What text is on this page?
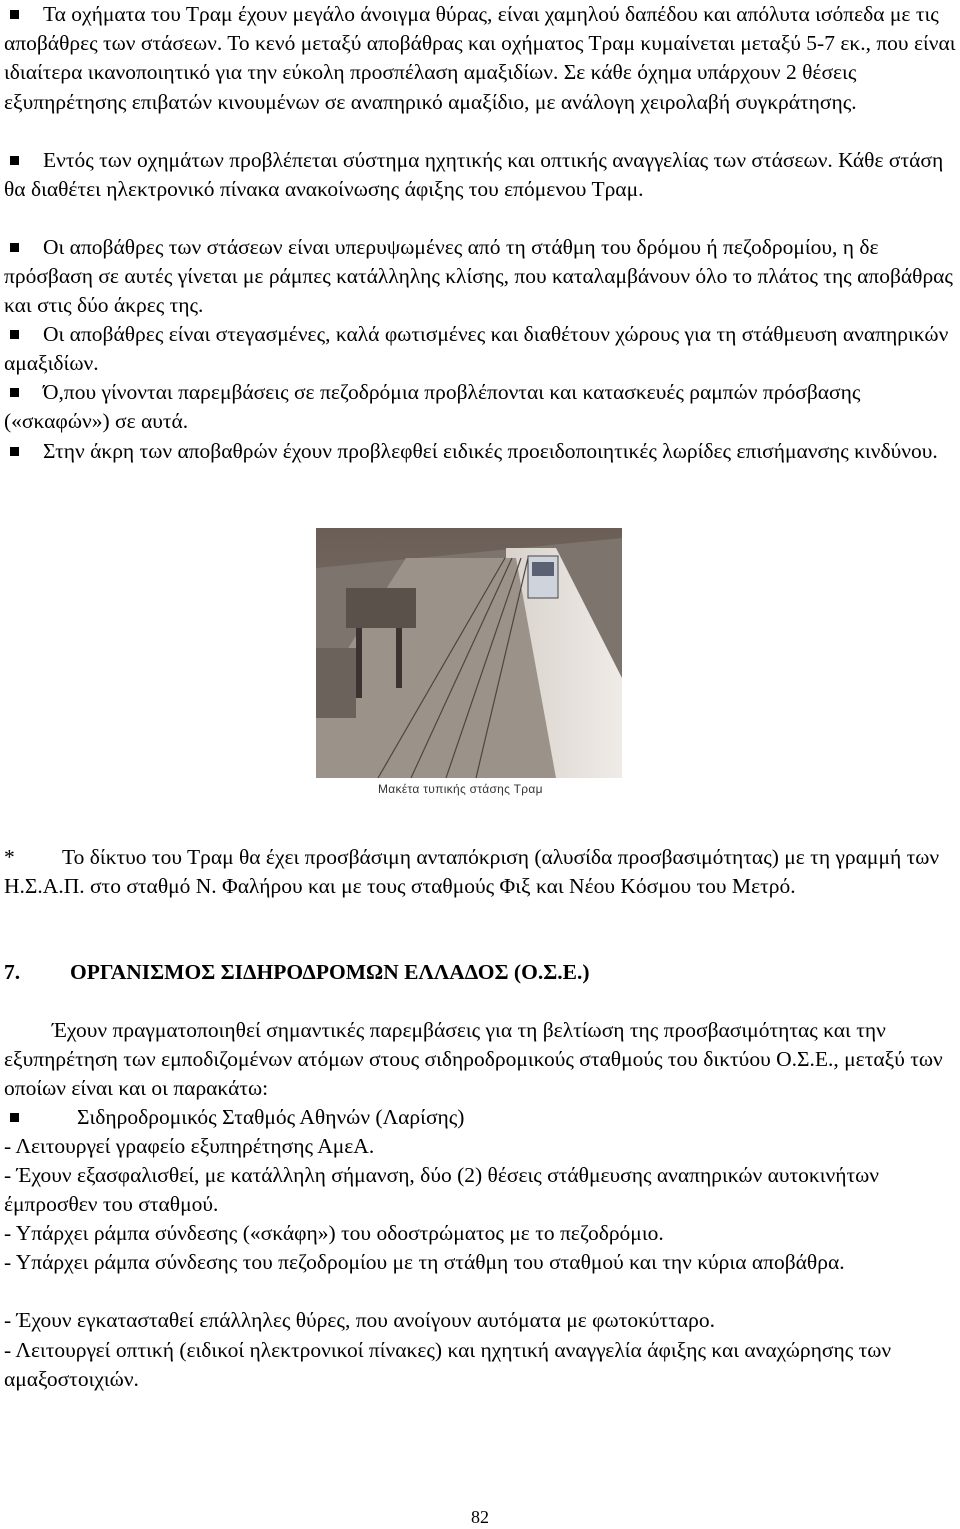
Τα οχήματα του Τραμ έχουν μεγάλο άνοιγμα θύρας, είναι χαμηλού δαπέδου και απόλυτα ισόπεδα με τις αποβάθρες των στάσεων. Το κενό μεταξύ αποβάθρας και οχήματος Τραμ κυμαίνεται μεταξύ 5-7 εκ., που είναι ιδιαίτερα ικανοποιητικό για την εύκολη προσπέλαση αμαξιδίων. Σε κάθε όχημα υπάρχουν 2 θέσεις εξυπηρέτησης επιβατών κινουμένων σε αναπηρικό αμαξίδιο, με ανάλογη χειρολαβή συγκράτησης.

Εντός των οχημάτων προβλέπεται σύστημα ηχητικής και οπτικής αναγγελίας των στάσεων. Κάθε στάση θα διαθέτει ηλεκτρονικό πίνακα ανακοίνωσης άφιξης του επόμενου Τραμ.

Οι αποβάθρες των στάσεων είναι υπερυψωμένες από τη στάθμη του δρόμου ή πεζοδρομίου, η δε πρόσβαση σε αυτές γίνεται με ράμπες κατάλληλης κλίσης, που καταλαμβάνουν όλο το πλάτος της αποβάθρας και στις δύο άκρες της.

Οι αποβάθρες είναι στεγασμένες, καλά φωτισμένες και διαθέτουν χώρους για τη στάθμευση αναπηρικών αμαξιδίων.

Ό,που γίνονται παρεμβάσεις σε πεζοδρόμια προβλέπονται και κατασκευές ραμπών πρόσβασης («σκαφών») σε αυτά.

Στην άκρη των αποβαθρών έχουν προβλεφθεί ειδικές προειδοποιητικές λωρίδες επισήμανσης κινδύνου.

Μακέτα τυπικής στάσης Τραμ

* Το δίκτυο του Τραμ θα έχει προσβάσιμη ανταπόκριση (αλυσίδα προσβασιμότητας) με τη γραμμή των Η.Σ.Α.Π. στο σταθμό Ν. Φαλήρου και με τους σταθμούς Φιξ και Νέου Κόσμου του Μετρό.

7. ΟΡΓΑΝΙΣΜΟΣ ΣΙΔΗΡΟΔΡΟΜΩΝ ΕΛΛΑΔΟΣ (Ο.Σ.Ε.)

Έχουν πραγματοποιηθεί σημαντικές παρεμβάσεις για τη βελτίωση της προσβασιμότητας και την εξυπηρέτηση των εμποδιζομένων ατόμων στους σιδηροδρομικούς σταθμούς του δικτύου Ο.Σ.Ε., μεταξύ των οποίων είναι και οι παρακάτω:

Σιδηροδρομικός Σταθμός Αθηνών (Λαρίσης)

- Λειτουργεί γραφείο εξυπηρέτησης ΑμεΑ.

- Έχουν εξασφαλισθεί, με κατάλληλη σήμανση, δύο (2) θέσεις στάθμευσης αναπηρικών αυτοκινήτων έμπροσθεν του σταθμού.

- Υπάρχει ράμπα σύνδεσης («σκάφη») του οδοστρώματος με το πεζοδρόμιο.

- Υπάρχει ράμπα σύνδεσης του πεζοδρομίου με τη στάθμη του σταθμού και την κύρια αποβάθρα.

- Έχουν εγκατασταθεί επάλληλες θύρες, που ανοίγουν αυτόματα με φωτοκύτταρο.

- Λειτουργεί οπτική (ειδικοί ηλεκτρονικοί πίνακες) και ηχητική αναγγελία άφιξης και αναχώρησης των αμαξοστοιχιών.

82
